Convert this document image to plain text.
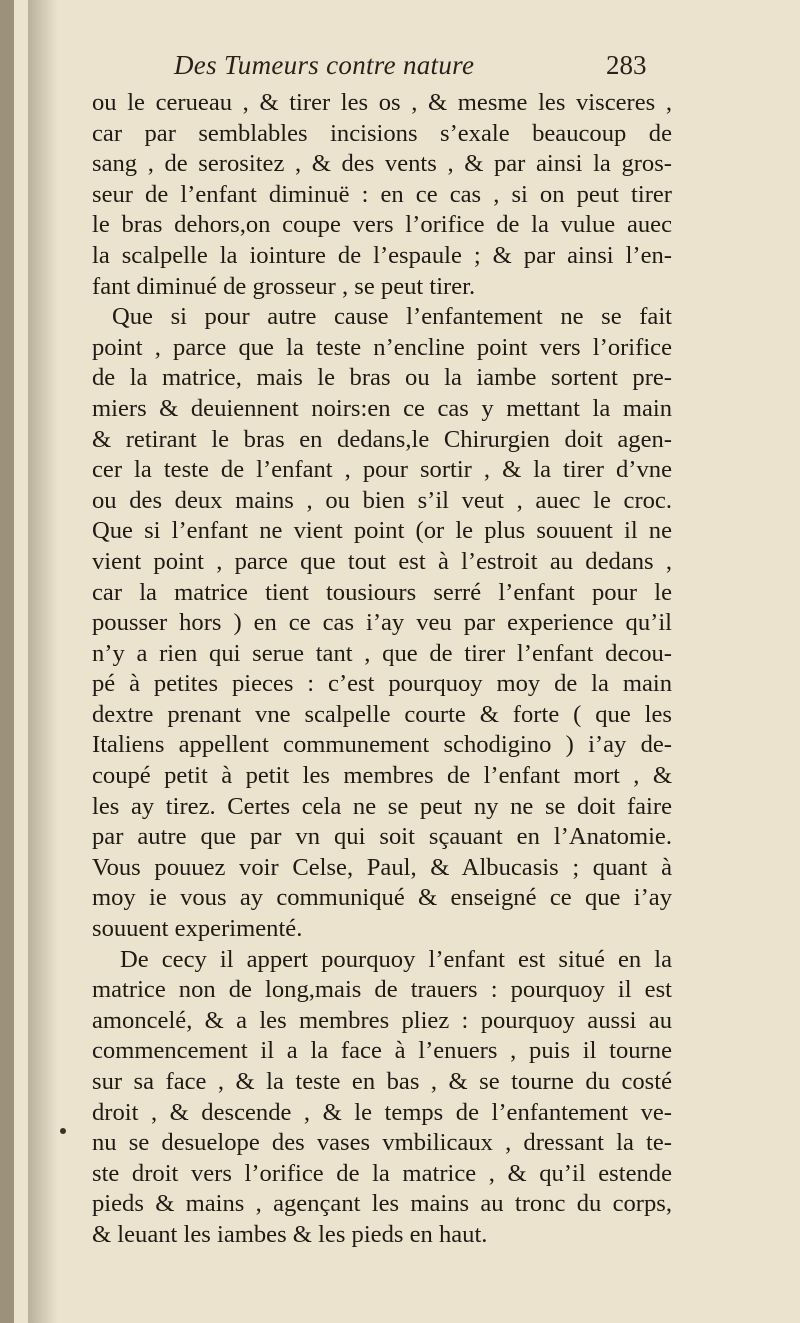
Des Tumeurs contre nature	283
ou le cerueau , & tirer les os , & mesme les viscеres ,
car par semblables incisions s’exale beaucoup de
sang , de serositez , & des vents , & par ainsi la gros-
seur de l’enfant diminuë : en ce cas , si on peut tirer
le bras dehors,on coupe vers l’orifice de la vulue auec
la scalpelle la iointure de l’espaule ; & par ainsi l’en-
fant diminué de grosseur , se peut tirer.
Que si pour autre cause l’enfantement ne se fait
point , parce que la teste n’encline point vers l’orifice
de la matrice, mais le bras ou la iambe sortent pre-
miers & deuiennent noirs:en ce cas y mettant la main
& retirant le bras en dedans,le Chirurgien doit agen-
cer la teste de l’enfant , pour sortir , & la tirer d’vne
ou des deux mains , ou bien s’il veut , auec le croc.
Que si l’enfant ne vient point (or le plus souuent il ne
vient point , parce que tout est à l’estroit au dedans ,
car la matrice tient tousiours serré l’enfant pour le
pousser hors ) en ce cas i’ay veu par experience qu’il
n’y a rien qui serue tant , que de tirer l’enfant decou-
pé à petites pieces : c’est pourquoy moy de la main
dextre prenant vne scalpelle courte & forte ( que les
Italiens appellent communement schodigino ) i’ay de-
coupé petit à petit les membres de l’enfant mort , &
les ay tirez. Certes cela ne se peut ny ne se doit faire
par autre que par vn qui soit sçauant en l’Anatomie.
Vous pouuez voir Celse, Paul, & Albucasis ; quant à
moy ie vous ay communiqué & enseigné ce que i’ay
souuent experimenté.
De cecy il appert pourquoy l’enfant est situé en la
matrice non de long,mais de trauers : pourquoy il est
amoncelé, & a les membres pliez : pourquoy aussi au
commencement il a la face à l’enuers , puis il tourne
sur sa face , & la teste en bas , & se tourne du costé
droit , & descende , & le temps de l’enfantement ve-
nu se desuelope des vases vmbilicaux , dressant la te-
ste droit vers l’orifice de la matrice , & qu’il estende
pieds & mains , agençant les mains au tronc du corps,
& leuant les iambes & les pieds en haut.
